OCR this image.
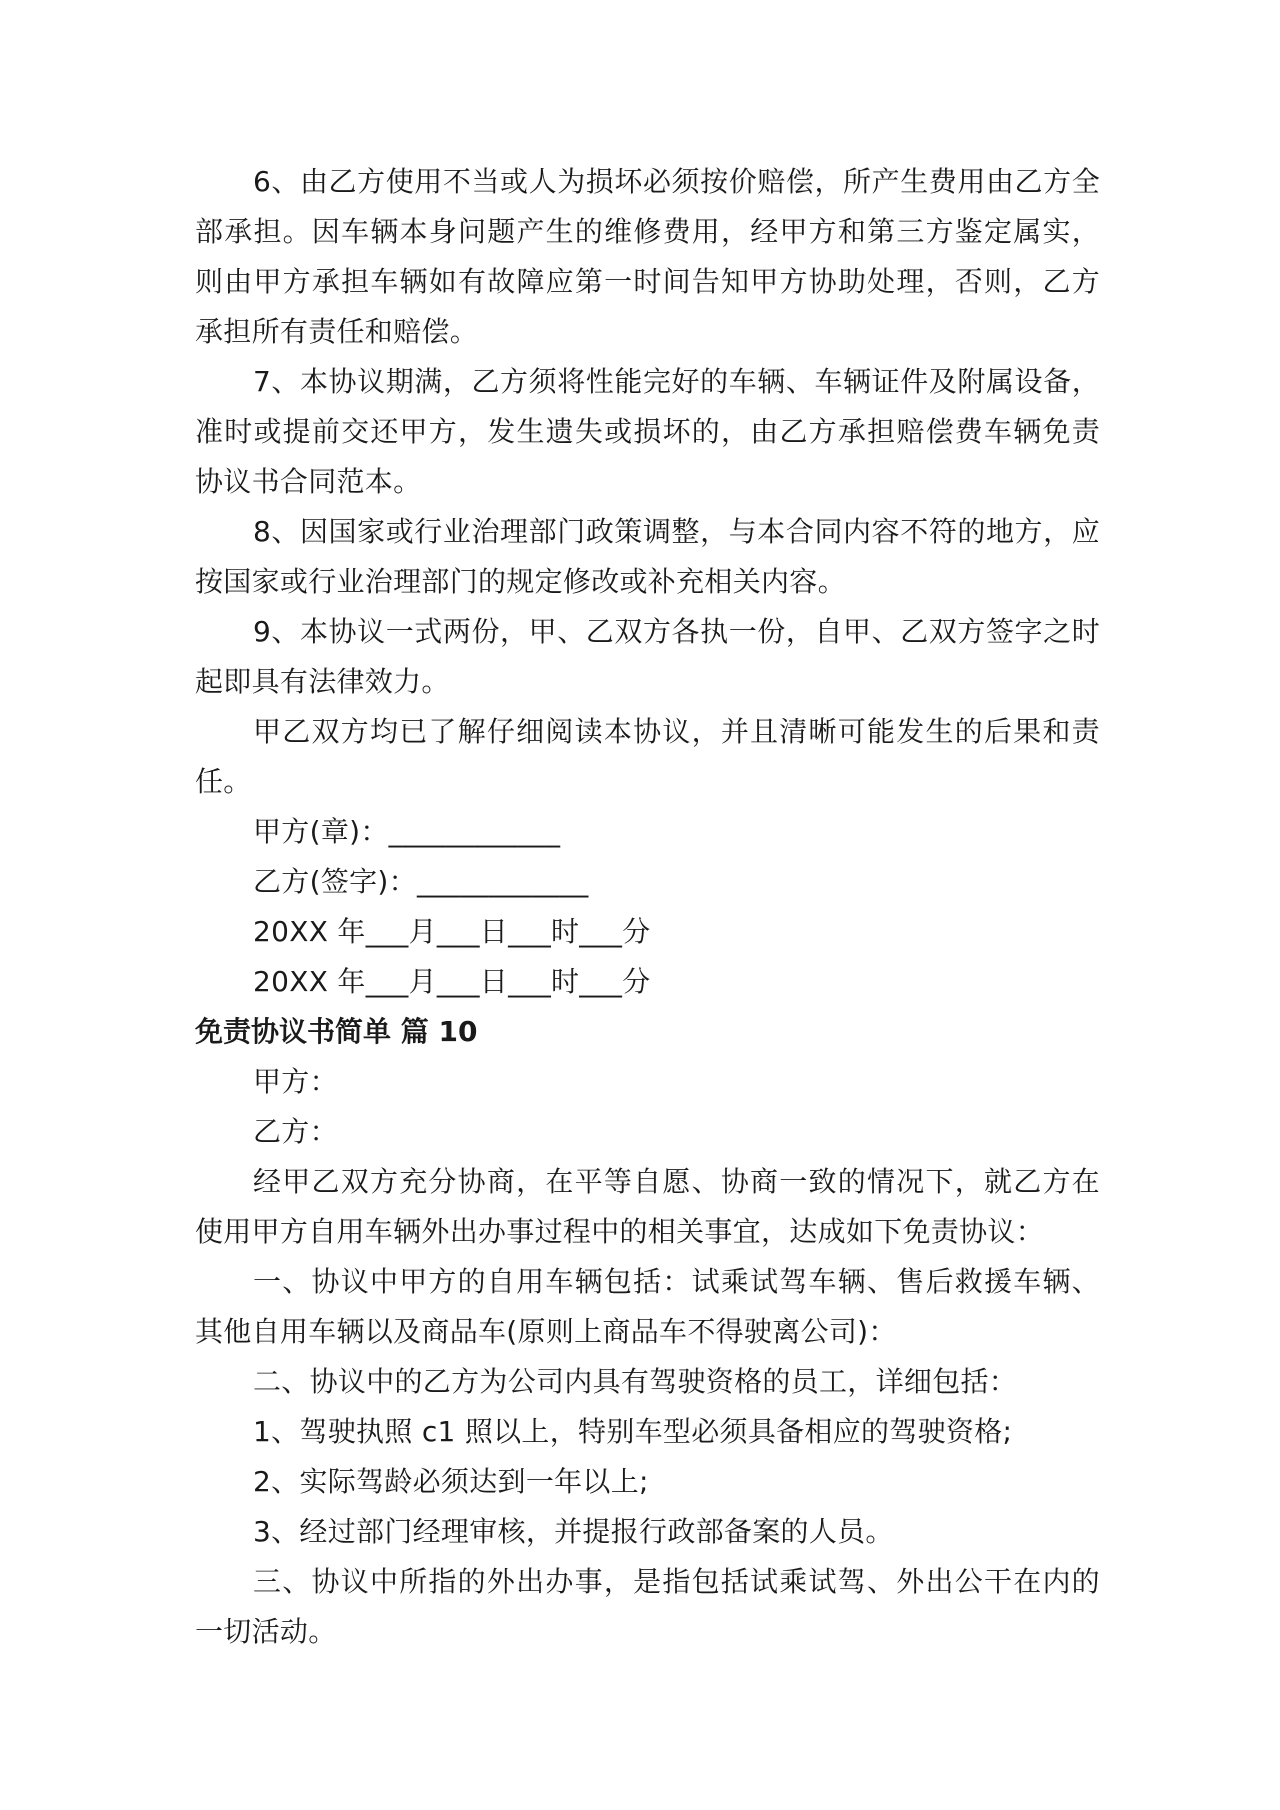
6、由乙方使用不当或人为损坏必须按价赔偿，所产生费用由乙方全部承担。因车辆本身问题产生的维修费用，经甲方和第三方鉴定属实，则由甲方承担车辆如有故障应第一时间告知甲方协助处理，否则，乙方承担所有责任和赔偿。

7、本协议期满，乙方须将性能完好的车辆、车辆证件及附属设备，准时或提前交还甲方，发生遗失或损坏的，由乙方承担赔偿费车辆免责协议书合同范本。

8、因国家或行业治理部门政策调整，与本合同内容不符的地方，应按国家或行业治理部门的规定修改或补充相关内容。

9、本协议一式两份，甲、乙双方各执一份，自甲、乙双方签字之时起即具有法律效力。

甲乙双方均已了解仔细阅读本协议，并且清晰可能发生的后果和责任。

甲方(章)：____________

乙方(签字)：____________

20XX 年___月___日___时___分

20XX 年___月___日___时___分

免责协议书简单 篇 10

甲方：

乙方：

经甲乙双方充分协商，在平等自愿、协商一致的情况下，就乙方在使用甲方自用车辆外出办事过程中的相关事宜，达成如下免责协议：

一、协议中甲方的自用车辆包括：试乘试驾车辆、售后救援车辆、其他自用车辆以及商品车(原则上商品车不得驶离公司)：

二、协议中的乙方为公司内具有驾驶资格的员工，详细包括：

1、驾驶执照 c1 照以上，特别车型必须具备相应的驾驶资格;

2、实际驾龄必须达到一年以上;

3、经过部门经理审核，并提报行政部备案的人员。

三、协议中所指的外出办事，是指包括试乘试驾、外出公干在内的一切活动。
